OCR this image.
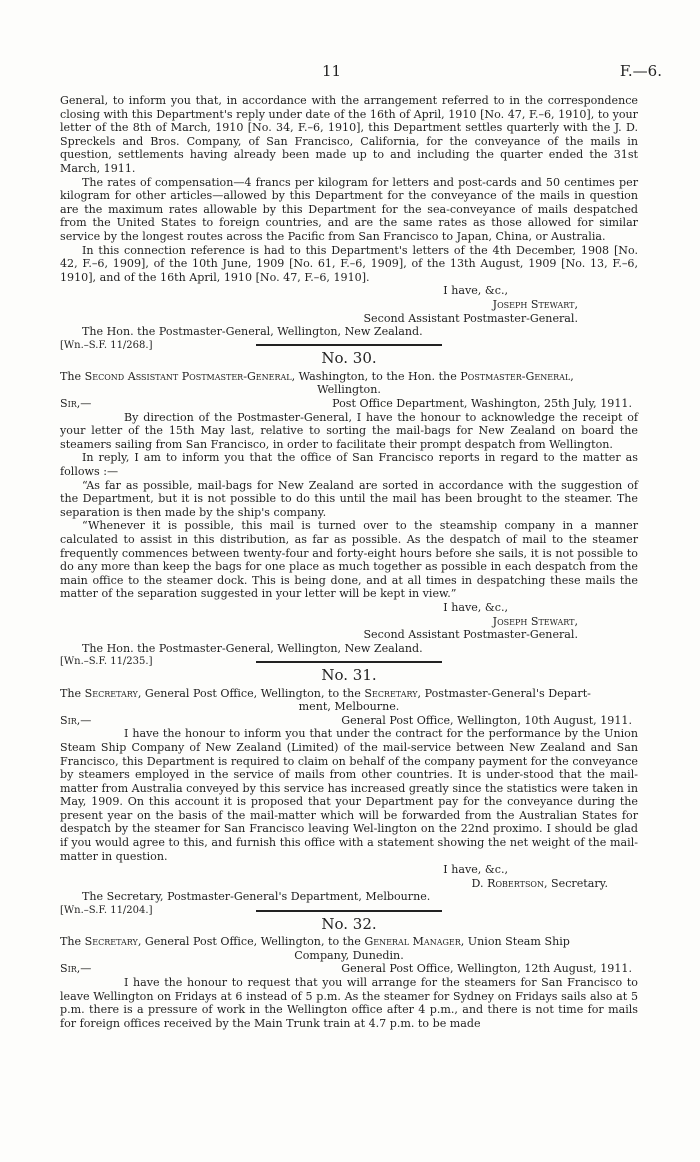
11	F.—6.

General, to inform you that, in accordance with the arrangement referred to in the correspondence closing with this Department's reply under date of the 16th of April, 1910 [No. 47, F.–6, 1910], to your letter of the 8th of March, 1910 [No. 34, F.–6, 1910], this Department settles quarterly with the J. D. Spreckels and Bros. Company, of San Francisco, California, for the conveyance of the mails in question, settlements having already been made up to and including the quarter ended the 31st March, 1911.

The rates of compensation—4 francs per kilogram for letters and post-cards and 50 centimes per kilogram for other articles—allowed by this Department for the conveyance of the mails in question are the maximum rates allowable by this Department for the sea-conveyance of mails despatched from the United States to foreign countries, and are the same rates as those allowed for similar service by the longest routes across the Pacific from San Francisco to Japan, China, or Australia.

In this connection reference is had to this Department's letters of the 4th December, 1908 [No. 42, F.–6, 1909], of the 10th June, 1909 [No. 61, F.–6, 1909], of the 13th August, 1909 [No. 13, F.–6, 1910], and of the 16th April, 1910 [No. 47, F.–6, 1910].

I have, &c.,

Joseph Stewart,

Second Assistant Postmaster-General.

The Hon. the Postmaster-General, Wellington, New Zealand.

[Wn.–S.F. 11/268.]

No. 30.

The Second Assistant Postmaster-General, Washington, to the Hon. the Postmaster-General,

Wellington.

Sir,—	Post Office Department, Washington, 25th July, 1911.

By direction of the Postmaster-General, I have the honour to acknowledge the receipt of your letter of the 15th May last, relative to sorting the mail-bags for New Zealand on board the steamers sailing from San Francisco, in order to facilitate their prompt despatch from Wellington.

In reply, I am to inform you that the office of San Francisco reports in regard to the matter as follows :—

“As far as possible, mail-bags for New Zealand are sorted in accordance with the suggestion of the Department, but it is not possible to do this until the mail has been brought to the steamer. The separation is then made by the ship's company.

“Whenever it is possible, this mail is turned over to the steamship company in a manner calculated to assist in this distribution, as far as possible. As the despatch of mail to the steamer frequently commences between twenty-four and forty-eight hours before she sails, it is not possible to do any more than keep the bags for one place as much together as possible in each despatch from the main office to the steamer dock. This is being done, and at all times in despatching these mails the matter of the separation suggested in your letter will be kept in view.”

I have, &c.,

Joseph Stewart,

Second Assistant Postmaster-General.

The Hon. the Postmaster-General, Wellington, New Zealand.

[Wn.–S.F. 11/235.]

No. 31.

The Secretary, General Post Office, Wellington, to the Secretary, Postmaster-General's Depart-

ment, Melbourne.

Sir,—	General Post Office, Wellington, 10th August, 1911.

I have the honour to inform you that under the contract for the performance by the Union Steam Ship Company of New Zealand (Limited) of the mail-service between New Zealand and San Francisco, this Department is required to claim on behalf of the company payment for the conveyance by steamers employed in the service of mails from other countries. It is under-stood that the mail-matter from Australia conveyed by this service has increased greatly since the statistics were taken in May, 1909. On this account it is proposed that your Department pay for the conveyance during the present year on the basis of the mail-matter which will be forwarded from the Australian States for despatch by the steamer for San Francisco leaving Wel-lington on the 22nd proximo. I should be glad if you would agree to this, and furnish this office with a statement showing the net weight of the mail-matter in question.

I have, &c.,

D. Robertson, Secretary.

The Secretary, Postmaster-General's Department, Melbourne.

[Wn.–S.F. 11/204.]

No. 32.

The Secretary, General Post Office, Wellington, to the General Manager, Union Steam Ship

Company, Dunedin.

Sir,—	General Post Office, Wellington, 12th August, 1911.

I have the honour to request that you will arrange for the steamers for San Francisco to leave Wellington on Fridays at 6 instead of 5 p.m. As the steamer for Sydney on Fridays sails also at 5 p.m. there is a pressure of work in the Wellington office after 4 p.m., and there is not time for mails for foreign offices received by the Main Trunk train at 4.7 p.m. to be made
